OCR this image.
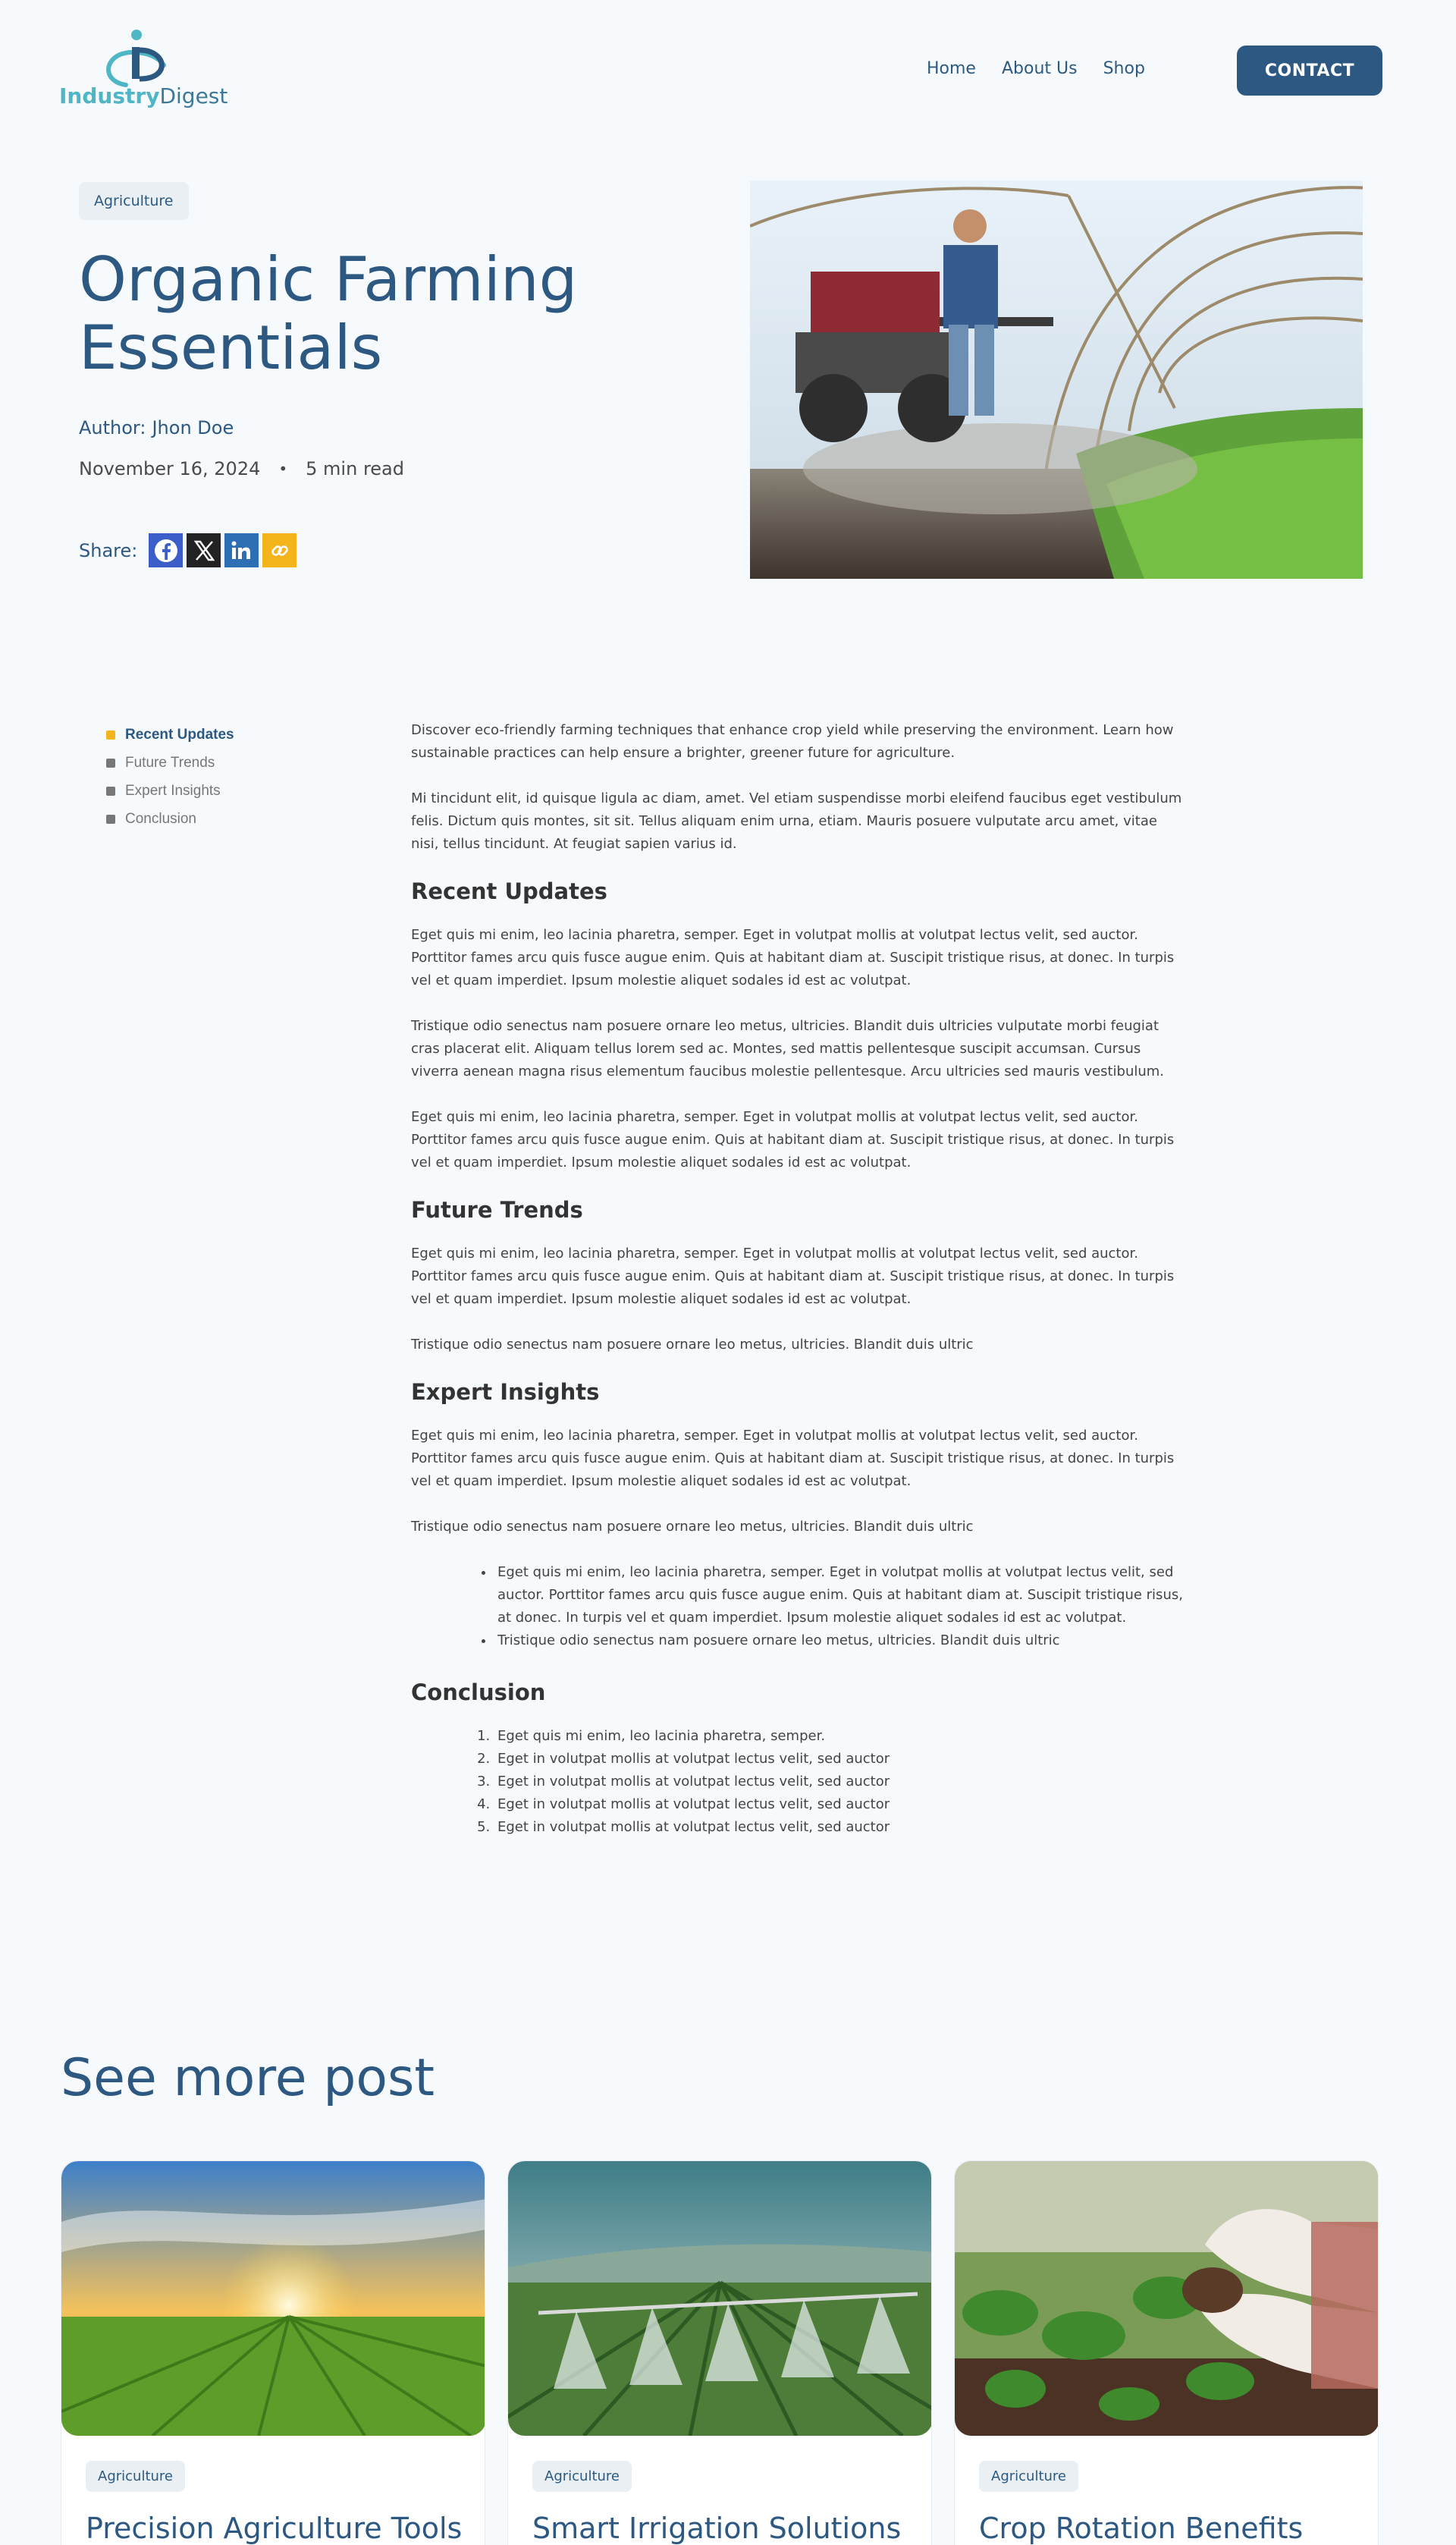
IndustryDigest
Home About Us Shop	CONTACT
Agriculture
Organic Farming Essentials
Author: Jhon Doe
November 16, 2024 • 5 min read
Share:
Recent Updates
Future Trends
Expert Insights
Conclusion

Discover eco-friendly farming techniques that enhance crop yield while preserving the environment. Learn how sustainable practices can help ensure a brighter, greener future for agriculture.

Mi tincidunt elit, id quisque ligula ac diam, amet. Vel etiam suspendisse morbi eleifend faucibus eget vestibulum felis. Dictum quis montes, sit sit. Tellus aliquam enim urna, etiam. Mauris posuere vulputate arcu amet, vitae nisi, tellus tincidunt. At feugiat sapien varius id.

Recent Updates

Eget quis mi enim, leo lacinia pharetra, semper. Eget in volutpat mollis at volutpat lectus velit, sed auctor. Porttitor fames arcu quis fusce augue enim. Quis at habitant diam at. Suscipit tristique risus, at donec. In turpis vel et quam imperdiet. Ipsum molestie aliquet sodales id est ac volutpat.

Tristique odio senectus nam posuere ornare leo metus, ultricies. Blandit duis ultricies vulputate morbi feugiat cras placerat elit. Aliquam tellus lorem sed ac. Montes, sed mattis pellentesque suscipit accumsan. Cursus viverra aenean magna risus elementum faucibus molestie pellentesque. Arcu ultricies sed mauris vestibulum.

Eget quis mi enim, leo lacinia pharetra, semper. Eget in volutpat mollis at volutpat lectus velit, sed auctor. Porttitor fames arcu quis fusce augue enim. Quis at habitant diam at. Suscipit tristique risus, at donec. In turpis vel et quam imperdiet. Ipsum molestie aliquet sodales id est ac volutpat.

Future Trends

Eget quis mi enim, leo lacinia pharetra, semper. Eget in volutpat mollis at volutpat lectus velit, sed auctor. Porttitor fames arcu quis fusce augue enim. Quis at habitant diam at. Suscipit tristique risus, at donec. In turpis vel et quam imperdiet. Ipsum molestie aliquet sodales id est ac volutpat.

Tristique odio senectus nam posuere ornare leo metus, ultricies. Blandit duis ultric

Expert Insights

Eget quis mi enim, leo lacinia pharetra, semper. Eget in volutpat mollis at volutpat lectus velit, sed auctor. Porttitor fames arcu quis fusce augue enim. Quis at habitant diam at. Suscipit tristique risus, at donec. In turpis vel et quam imperdiet. Ipsum molestie aliquet sodales id est ac volutpat.

Tristique odio senectus nam posuere ornare leo metus, ultricies. Blandit duis ultric

• Eget quis mi enim, leo lacinia pharetra, semper. Eget in volutpat mollis at volutpat lectus velit, sed auctor. Porttitor fames arcu quis fusce augue enim. Quis at habitant diam at. Suscipit tristique risus, at donec. In turpis vel et quam imperdiet. Ipsum molestie aliquet sodales id est ac volutpat.
• Tristique odio senectus nam posuere ornare leo metus, ultricies. Blandit duis ultric
Conclusion
1. Eget quis mi enim, leo lacinia pharetra, semper.
2. Eget in volutpat mollis at volutpat lectus velit, sed auctor
3. Eget in volutpat mollis at volutpat lectus velit, sed auctor
4. Eget in volutpat mollis at volutpat lectus velit, sed auctor
5. Eget in volutpat mollis at volutpat lectus velit, sed auctor
See more post
Agriculture
Precision Agriculture Tools
Agriculture
Smart Irrigation Solutions
Agriculture
Crop Rotation Benefits
